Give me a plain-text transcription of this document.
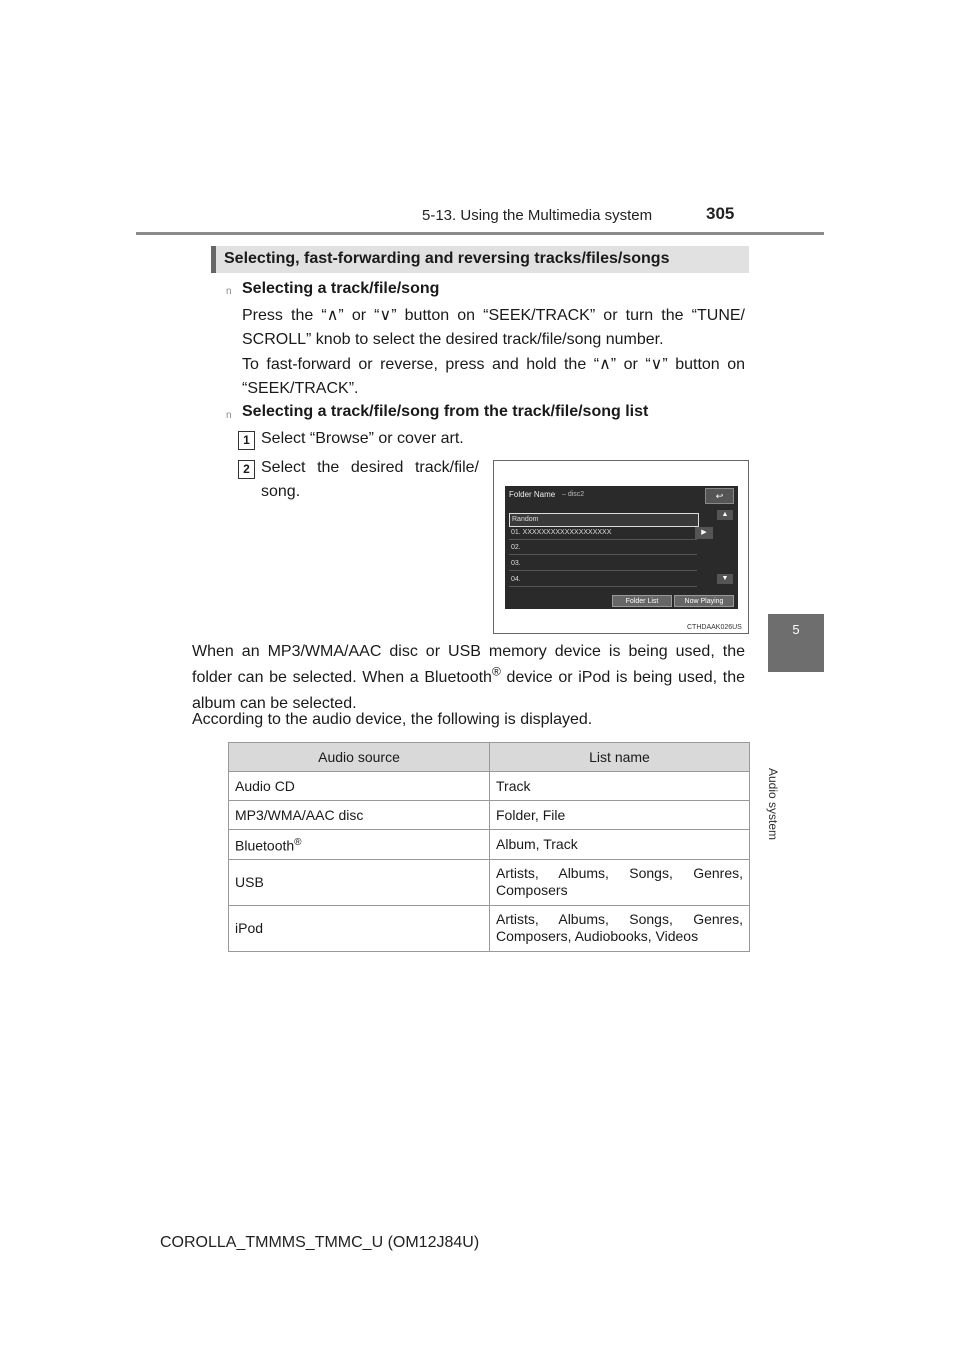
5-13. Using the Multimedia system	305
5
Audio system
Selecting, fast-forwarding and reversing tracks/files/songs
n Selecting a track/file/song
Press the “∧” or “∨” button on “SEEK/TRACK” or turn the “TUNE/ SCROLL” knob to select the desired track/file/song number.
To fast-forward or reverse, press and hold the “∧” or “∨” button on “SEEK/TRACK”.
n Selecting a track/file/song from the track/file/song list
1 Select “Browse” or cover art.
2 Select the desired track/file/ song.	Folder Name – disc2	↩
Random
01. XXXXXXXXXXXXXXXXXXX
02.
03.
04.
▶
▲
▼
Folder List	Now Playing
CTHDAAK026US
When an MP3/WMA/AAC disc or USB memory device is being used, the folder can be selected. When a Bluetooth® device or iPod is being used, the album can be selected.
According to the audio device, the following is displayed.
Audio source	List name
Audio CD	Track
MP3/WMA/AAC disc	Folder, File
Bluetooth®	Album, Track
USB	Artists, Albums, Songs, Genres, Composers
iPod	Artists, Albums, Songs, Genres, Composers, Audiobooks, Videos
COROLLA_TMMMS_TMMC_U (OM12J84U)
